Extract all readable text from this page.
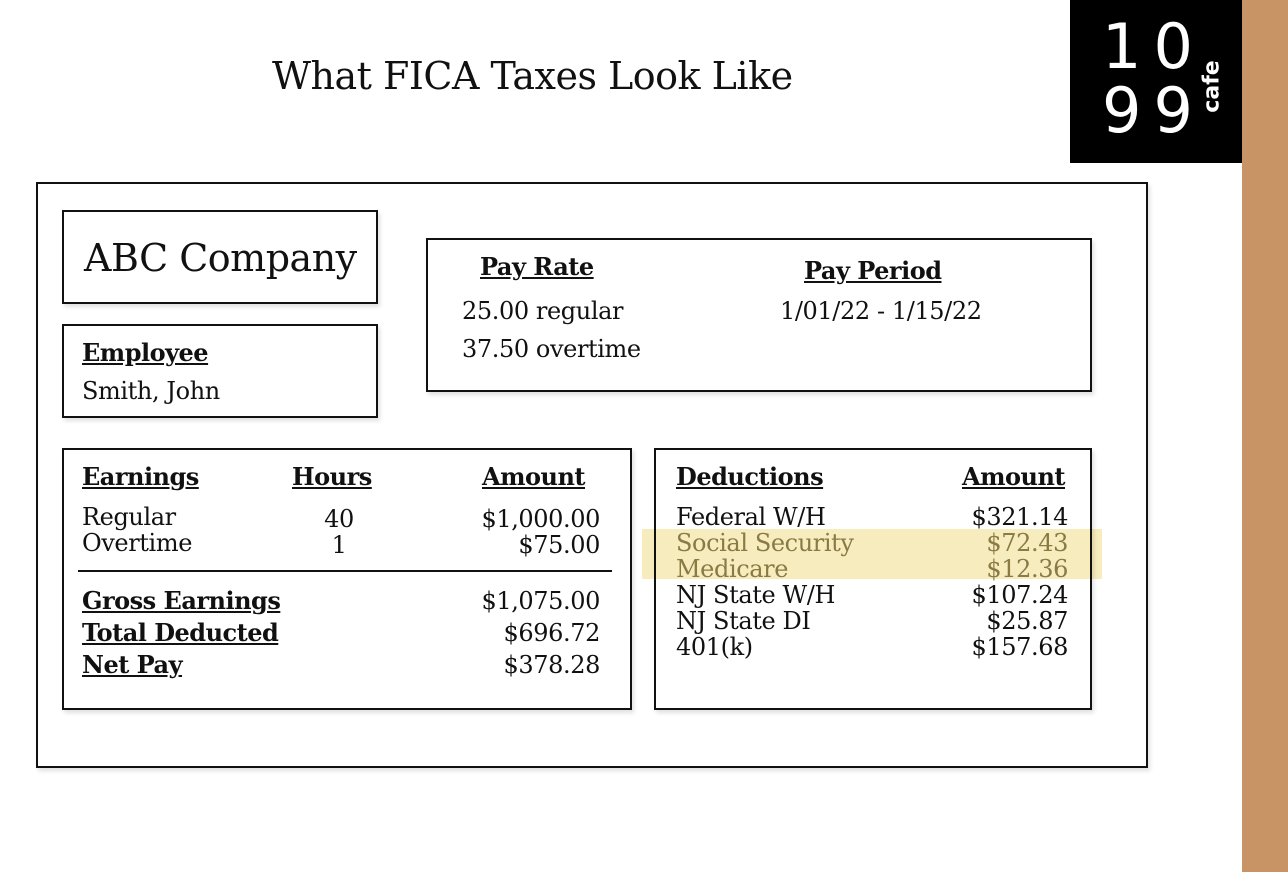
What FICA Taxes Look Like	10
99
cafe
ABC Company
Employee
Smith, John
Pay Rate
25.00 regular
37.50 overtime
Pay Period
1/01/22 - 1/15/22
Earnings	Hours	Amount
Regular	40	$1,000.00
Overtime	1	$75.00
Gross Earnings	$1,075.00
Total Deducted	$696.72
Net Pay	$378.28
Deductions	Amount
Federal W/H	$321.14
Social Security	$72.43
Medicare	$12.36
NJ State W/H	$107.24
NJ State DI	$25.87
401(k)	$157.68
